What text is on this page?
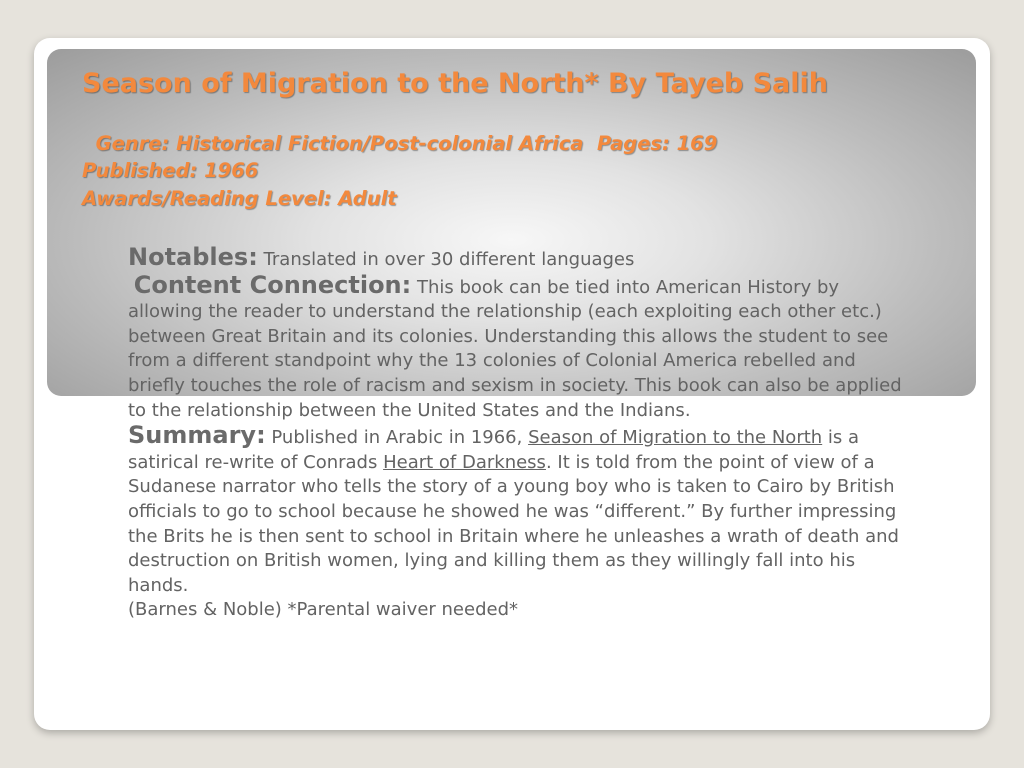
Season of Migration to the North* By Tayeb Salih
Genre: Historical Fiction/Post-colonial Africa  Pages: 169
Published: 1966
Awards/Reading Level: Adult

Notables: Translated in over 30 different languages

Content Connection: This book can be tied into American History by allowing the reader to understand the relationship (each exploiting each other etc.) between Great Britain and its colonies. Understanding this allows the student to see from a different standpoint why the 13 colonies of Colonial America rebelled and briefly touches the role of racism and sexism in society. This book can also be applied to the relationship between the United States and the Indians.

Summary: Published in Arabic in 1966, Season of Migration to the North is a satirical re-write of Conrads Heart of Darkness. It is told from the point of view of a Sudanese narrator who tells the story of a young boy who is taken to Cairo by British officials to go to school because he showed he was “different.” By further impressing the Brits he is then sent to school in Britain where he unleashes a wrath of death and destruction on British women, lying and killing them as they willingly fall into his hands.

(Barnes & Noble) *Parental waiver needed*
